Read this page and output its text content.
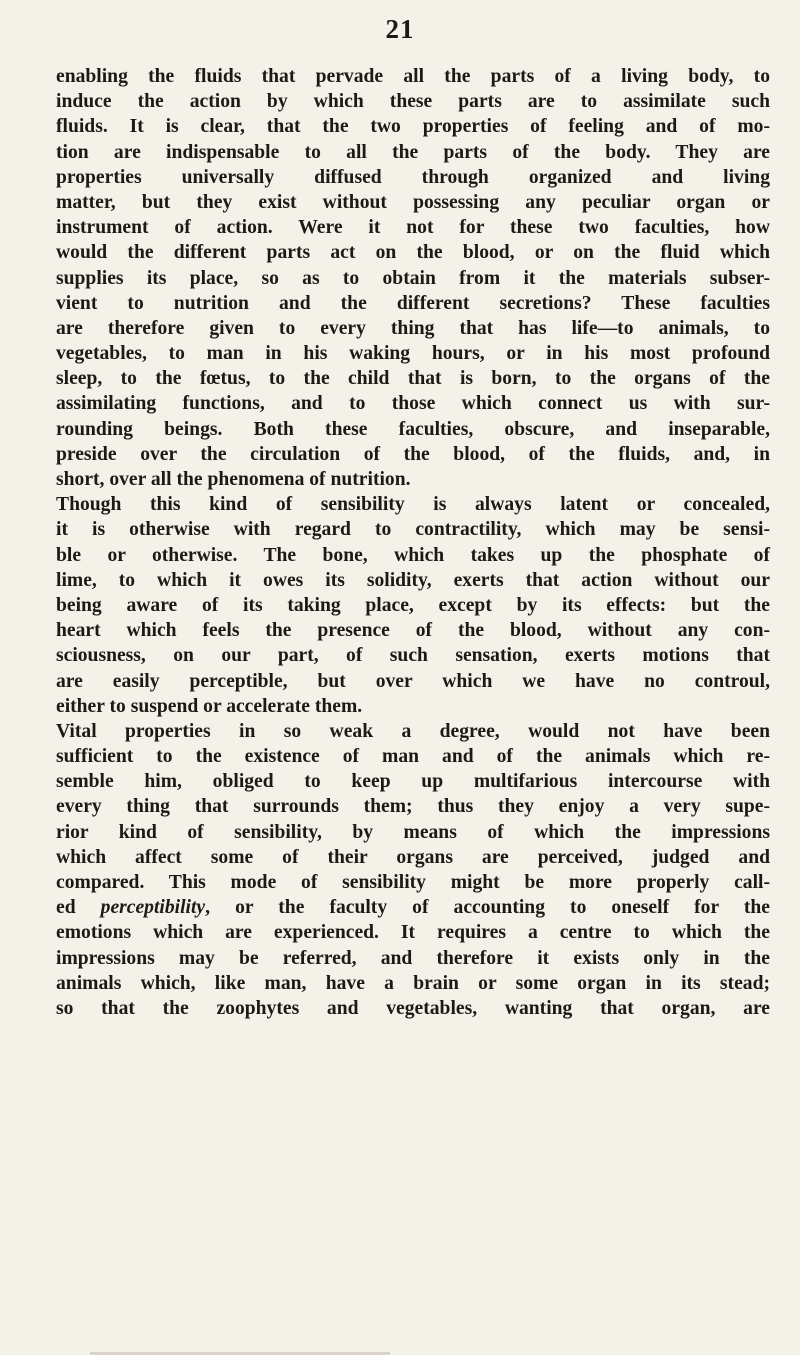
21
enabling the fluids that pervade all the parts of a living body, to
induce the action by which these parts are to assimilate such
fluids. It is clear, that the two properties of feeling and of mo-
tion are indispensable to all the parts of the body. They are
properties universally diffused through organized and living
matter, but they exist without possessing any peculiar organ or
instrument of action. Were it not for these two faculties, how
would the different parts act on the blood, or on the fluid which
supplies its place, so as to obtain from it the materials subser-
vient to nutrition and the different secretions? These faculties
are therefore given to every thing that has life—to animals, to
vegetables, to man in his waking hours, or in his most profound
sleep, to the fœtus, to the child that is born, to the organs of the
assimilating functions, and to those which connect us with sur-
rounding beings. Both these faculties, obscure, and inseparable,
preside over the circulation of the blood, of the fluids, and, in
short, over all the phenomena of nutrition.
Though this kind of sensibility is always latent or concealed,
it is otherwise with regard to contractility, which may be sensi-
ble or otherwise. The bone, which takes up the phosphate of
lime, to which it owes its solidity, exerts that action without our
being aware of its taking place, except by its effects: but the
heart which feels the presence of the blood, without any con-
sciousness, on our part, of such sensation, exerts motions that
are easily perceptible, but over which we have no controul,
either to suspend or accelerate them.
Vital properties in so weak a degree, would not have been
sufficient to the existence of man and of the animals which re-
semble him, obliged to keep up multifarious intercourse with
every thing that surrounds them; thus they enjoy a very supe-
rior kind of sensibility, by means of which the impressions
which affect some of their organs are perceived, judged and
compared. This mode of sensibility might be more properly call-
ed perceptibility, or the faculty of accounting to oneself for the
emotions which are experienced. It requires a centre to which the
impressions may be referred, and therefore it exists only in the
animals which, like man, have a brain or some organ in its stead;
so that the zoophytes and vegetables, wanting that organ, are
